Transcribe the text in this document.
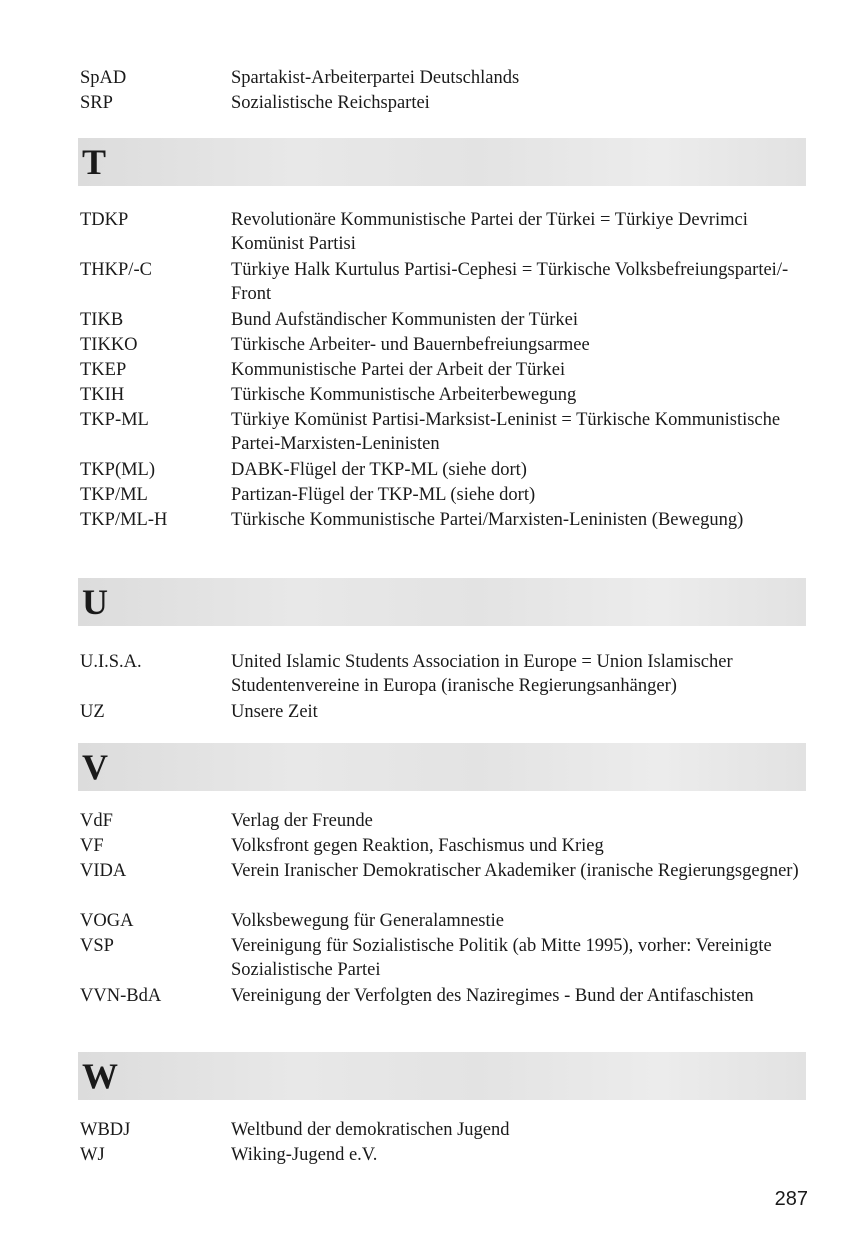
SpAD	Spartakist-Arbeiterpartei Deutschlands
SRP	Sozialistische Reichspartei
T
TDKP	Revolutionäre Kommunistische Partei der Türkei = Türkiye Devrimci Komünist Partisi
THKP/-C	Türkiye Halk Kurtulus Partisi-Cephesi = Türkische Volksbefreiungspartei/-Front
TIKB	Bund Aufständischer Kommunisten der Türkei
TIKKO	Türkische Arbeiter- und Bauernbefreiungsarmee
TKEP	Kommunistische Partei der Arbeit der Türkei
TKIH	Türkische Kommunistische Arbeiterbewegung
TKP-ML	Türkiye Komünist Partisi-Marksist-Leninist = Türkische Kommunistische Partei-Marxisten-Leninisten
TKP(ML)	DABK-Flügel der TKP-ML (siehe dort)
TKP/ML	Partizan-Flügel der TKP-ML (siehe dort)
TKP/ML-H	Türkische Kommunistische Partei/Marxisten-Leninisten (Bewegung)
U
U.I.S.A.	United Islamic Students Association in Europe = Union Islamischer Studentenvereine in Europa (iranische Regierungsanhänger)
UZ	Unsere Zeit
V
VdF	Verlag der Freunde
VF	Volksfront gegen Reaktion, Faschismus und Krieg
VIDA	Verein Iranischer Demokratischer Akademiker (iranische Regierungsgegner)
VOGA	Volksbewegung für Generalamnestie
VSP	Vereinigung für Sozialistische Politik (ab Mitte 1995), vorher: Vereinigte Sozialistische Partei
VVN-BdA	Vereinigung der Verfolgten des Naziregimes - Bund der Antifaschisten
W
WBDJ	Weltbund der demokratischen Jugend
WJ	Wiking-Jugend e.V.
287
